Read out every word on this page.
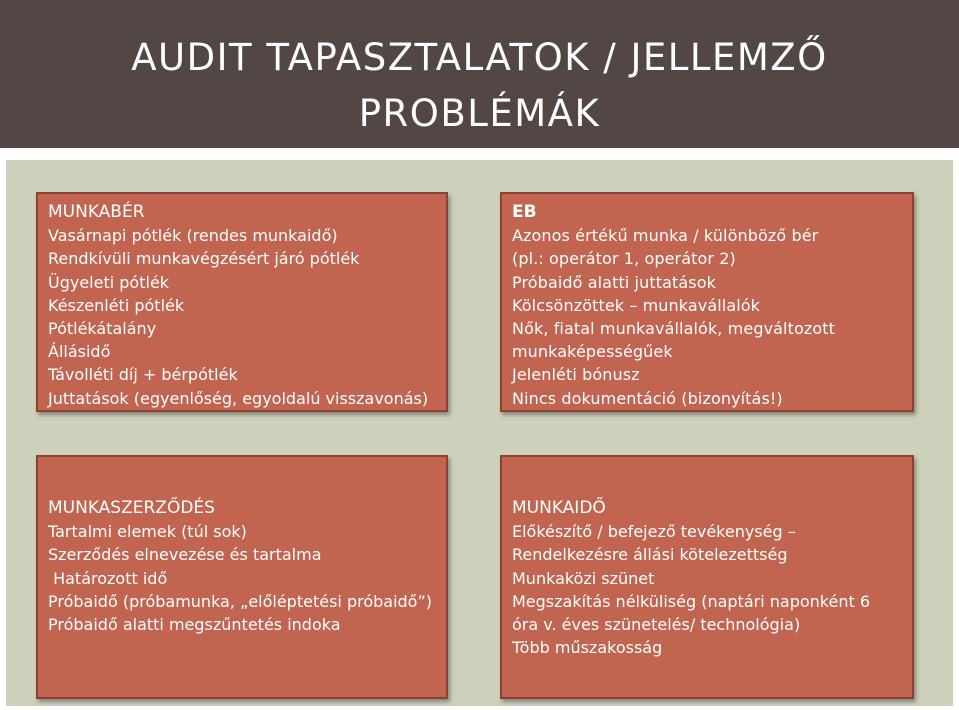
AUDIT TAPASZTALATOK / JELLEMZŐ
PROBLÉMÁK
MUNKABÉR
Vasárnapi pótlék (rendes munkaidő)
Rendkívüli munkavégzésért járó pótlék
Ügyeleti pótlék
Készenléti pótlék
Pótlékátalány
Állásidő
Távolléti díj + bérpótlék
Juttatások (egyenlőség, egyoldalú visszavonás)
EB
Azonos értékű munka / különböző bér
(pl.: operátor 1, operátor 2)
Próbaidő alatti juttatások
Kölcsönzöttek – munkavállalók
Nők, fiatal munkavállalók, megváltozott
munkaképességűek
Jelenléti bónusz
Nincs dokumentáció (bizonyítás!)
MUNKASZERZŐDÉS
Tartalmi elemek (túl sok)
Szerződés elnevezése és tartalma
Határozott idő
Próbaidő (próbamunka, „előléptetési próbaidő”)
Próbaidő alatti megszűntetés indoka
MUNKAIDŐ
Előkészítő / befejező tevékenység –
Rendelkezésre állási kötelezettség
Munkaközi szünet
Megszakítás nélküliség (naptári naponként 6
óra v. éves szünetelés/ technológia)
Több műszakosság
